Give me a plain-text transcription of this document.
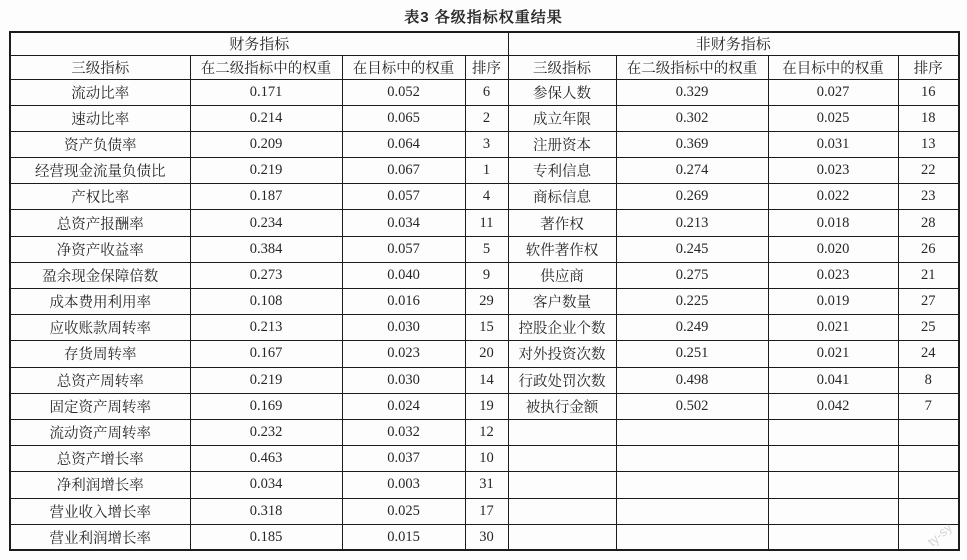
表3 各级指标权重结果
财务指标				非财务指标			
三级指标	在二级指标中的权重	在目标中的权重	排序	三级指标	在二级指标中的权重	在目标中的权重	排序
流动比率	0.171	0.052	6	参保人数	0.329	0.027	16
速动比率	0.214	0.065	2	成立年限	0.302	0.025	18
资产负债率	0.209	0.064	3	注册资本	0.369	0.031	13
经营现金流量负债比	0.219	0.067	1	专利信息	0.274	0.023	22
产权比率	0.187	0.057	4	商标信息	0.269	0.022	23
总资产报酬率	0.234	0.034	11	著作权	0.213	0.018	28
净资产收益率	0.384	0.057	5	软件著作权	0.245	0.020	26
盈余现金保障倍数	0.273	0.040	9	供应商	0.275	0.023	21
成本费用利用率	0.108	0.016	29	客户数量	0.225	0.019	27
应收账款周转率	0.213	0.030	15	控股企业个数	0.249	0.021	25
存货周转率	0.167	0.023	20	对外投资次数	0.251	0.021	24
总资产周转率	0.219	0.030	14	行政处罚次数	0.498	0.041	8
固定资产周转率	0.169	0.024	19	被执行金额	0.502	0.042	7
流动资产周转率	0.232	0.032	12				
总资产增长率	0.463	0.037	10				
净利润增长率	0.034	0.003	31				
营业收入增长率	0.318	0.025	17				
营业利润增长率	0.185	0.015	30					ty-sy
